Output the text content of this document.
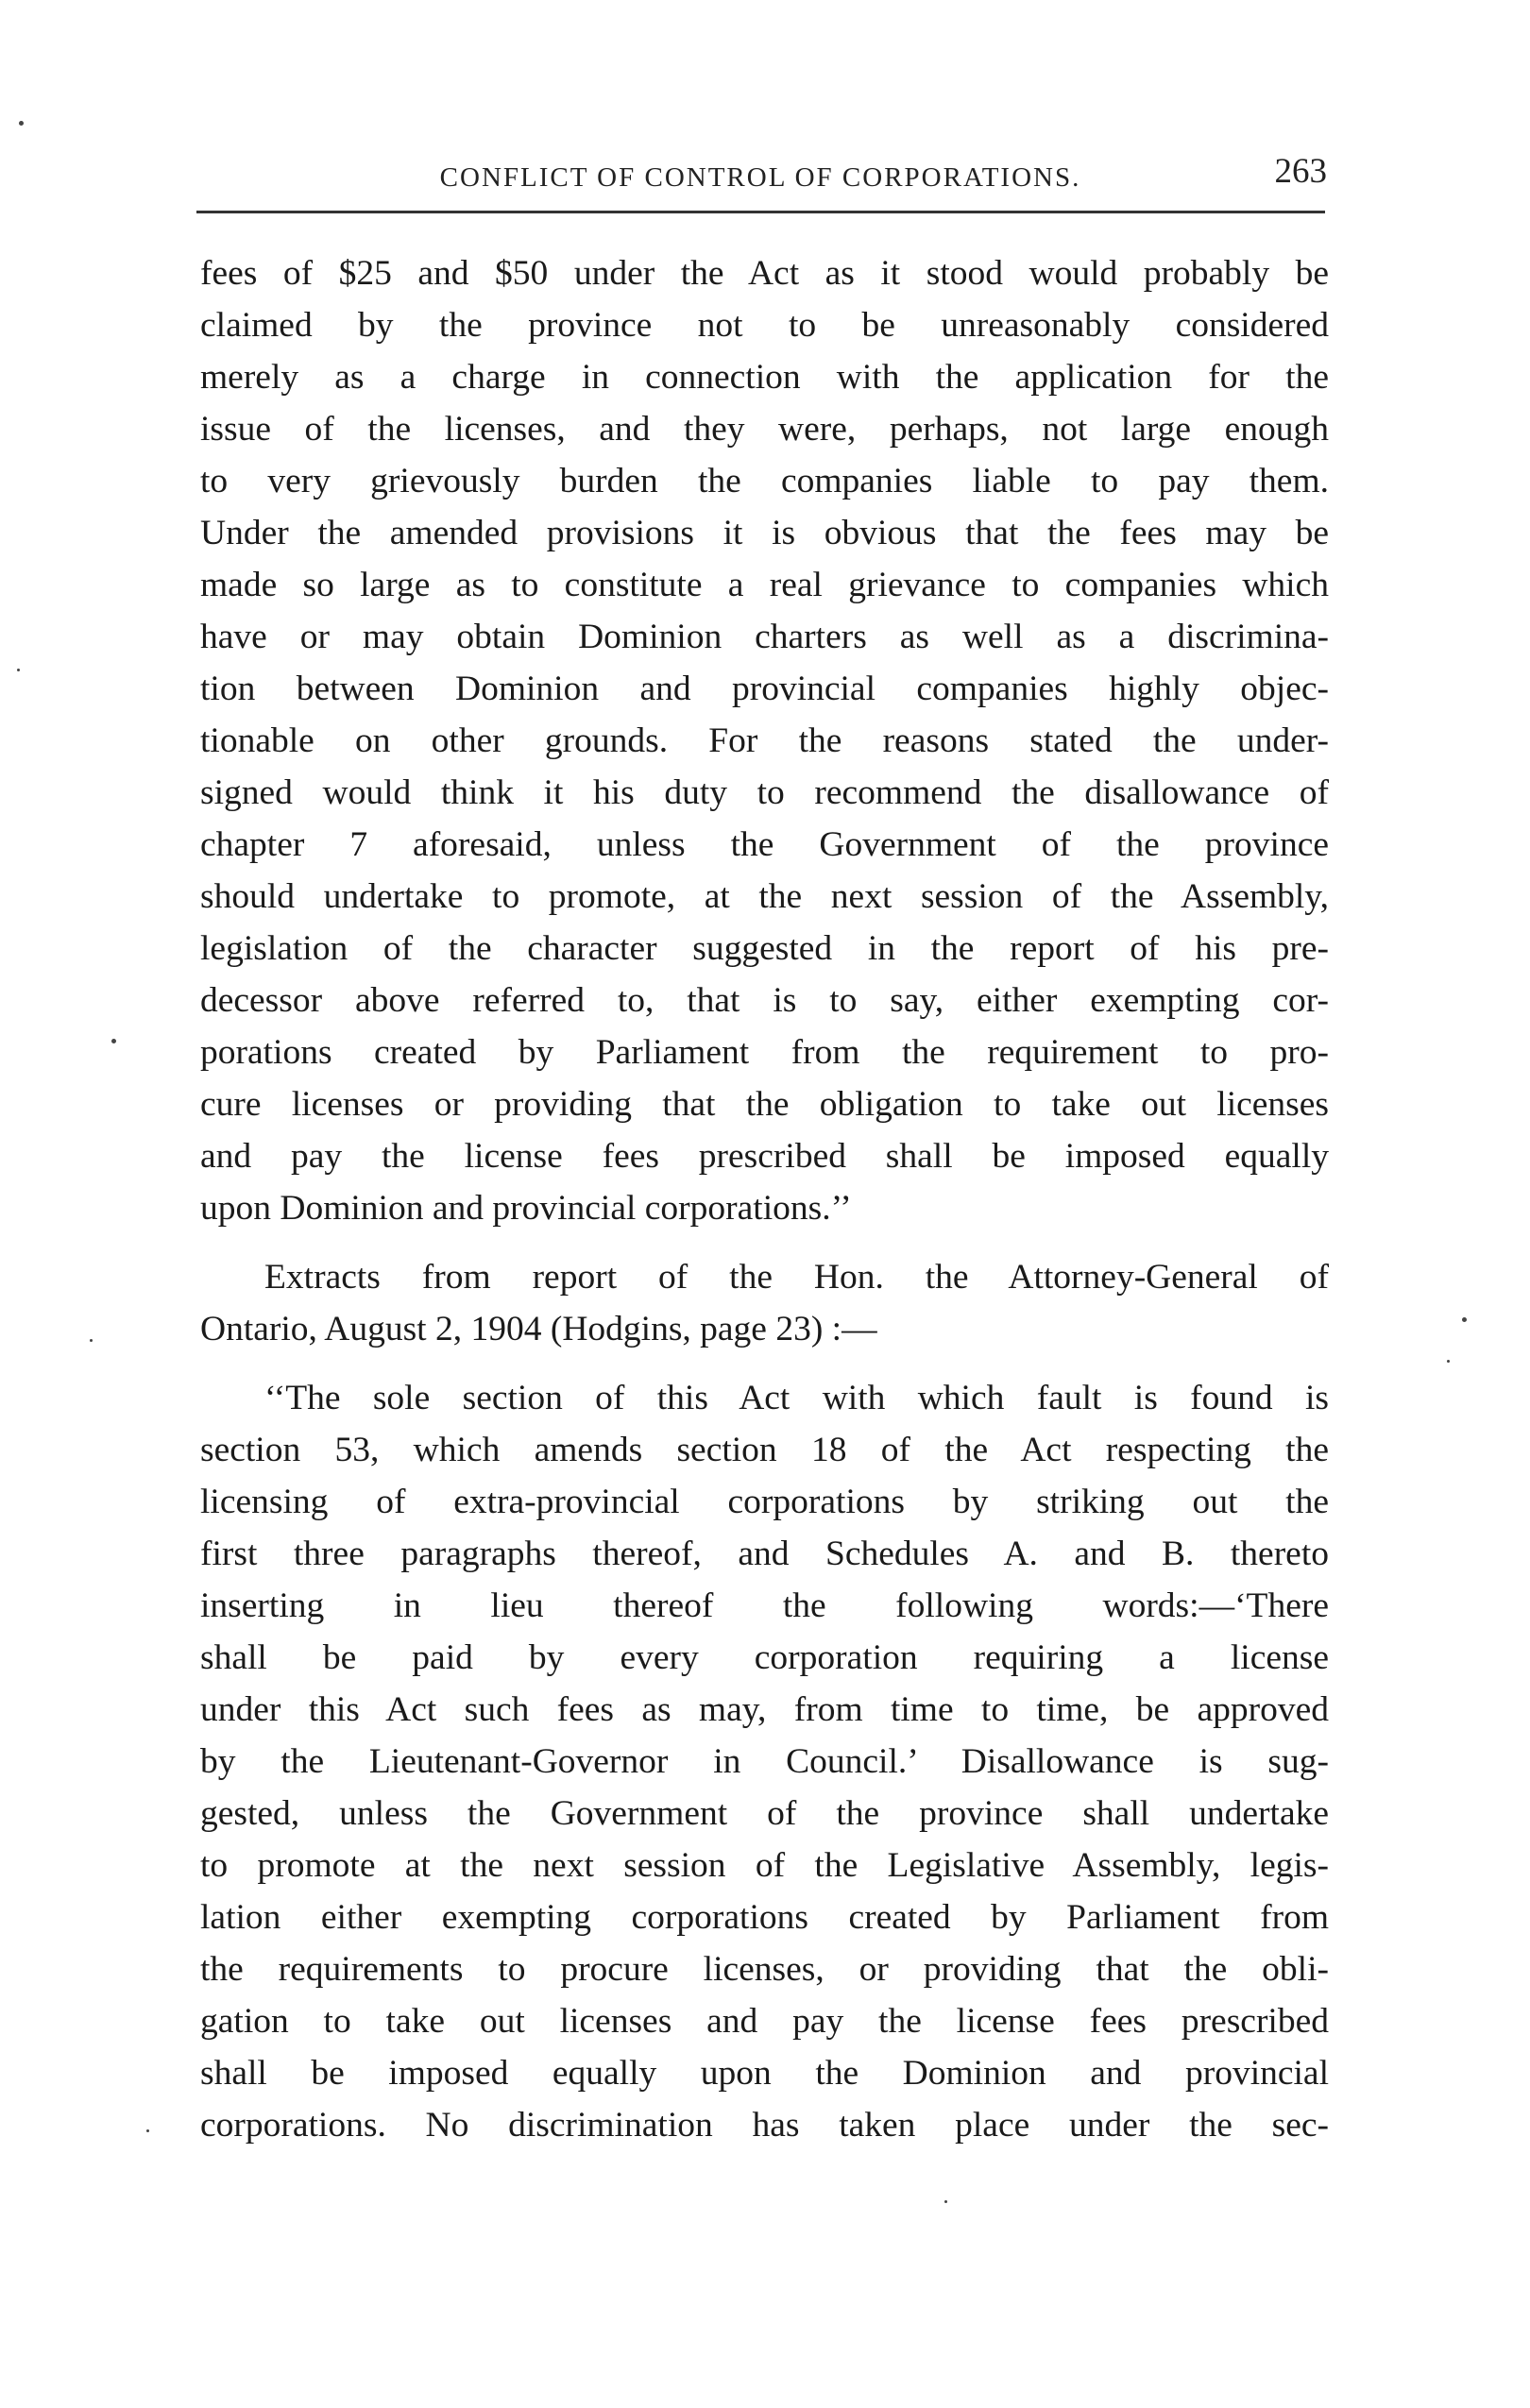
CONFLICT OF CONTROL OF CORPORATIONS.	263
fees of $25 and $50 under the Act as it stood would probably be
claimed by the province not to be unreasonably considered
merely as a charge in connection with the application for the
issue of the licenses, and they were, perhaps, not large enough
to very grievously burden the companies liable to pay them.
Under the amended provisions it is obvious that the fees may be
made so large as to constitute a real grievance to companies which
have or may obtain Dominion charters as well as a discrimina-
tion between Dominion and provincial companies highly objec-
tionable on other grounds. For the reasons stated the under-
signed would think it his duty to recommend the disallowance of
chapter 7 aforesaid, unless the Government of the province
should undertake to promote, at the next session of the Assembly,
legislation of the character suggested in the report of his pre-
decessor above referred to, that is to say, either exempting cor-
porations created by Parliament from the requirement to pro-
cure licenses or providing that the obligation to take out licenses
and pay the license fees prescribed shall be imposed equally
upon Dominion and provincial corporations.’’
Extracts from report of the Hon. the Attorney-General of
Ontario, August 2, 1904 (Hodgins, page 23) :—
‘‘The sole section of this Act with which fault is found is
section 53, which amends section 18 of the Act respecting the
licensing of extra-provincial corporations by striking out the
first three paragraphs thereof, and Schedules A. and B. thereto
inserting in lieu thereof the following words:—‘There
shall be paid by every corporation requiring a license
under this Act such fees as may, from time to time, be approved
by the Lieutenant-Governor in Council.’ Disallowance is sug-
gested, unless the Government of the province shall undertake
to promote at the next session of the Legislative Assembly, legis-
lation either exempting corporations created by Parliament from
the requirements to procure licenses, or providing that the obli-
gation to take out licenses and pay the license fees prescribed
shall be imposed equally upon the Dominion and provincial
corporations. No discrimination has taken place under the sec-
